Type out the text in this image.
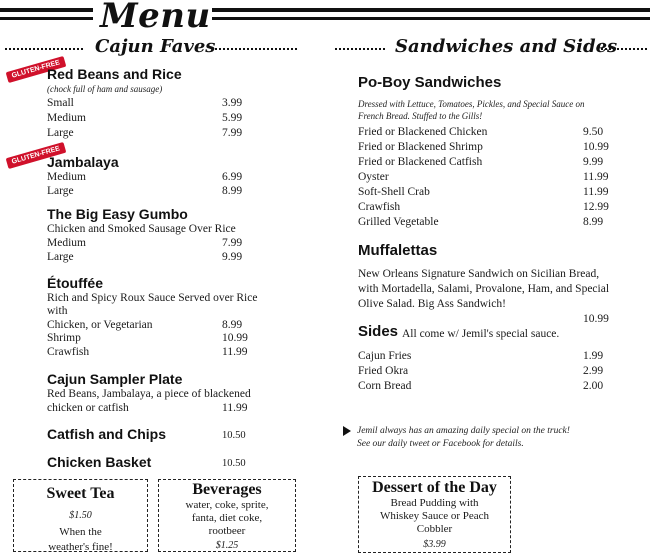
Menu
Cajun Faves	Sandwiches and Sides
GLUTEN-FREE
Red Beans and Rice
(chock full of ham and sausage)
Small	3.99
Medium	5.99
Large	7.99
GLUTEN-FREE
Jambalaya
Medium	6.99
Large	8.99
The Big Easy Gumbo
Chicken and Smoked Sausage Over Rice
Medium	7.99
Large	9.99
Étouffée
Rich and Spicy Roux Sauce Served over Rice
with
Chicken, or Vegetarian	8.99
Shrimp	10.99
Crawfish	11.99
Cajun Sampler Plate
Red Beans, Jambalaya, a piece of blackened
chicken or catfish	11.99
Catfish and Chips	10.50
Chicken Basket	10.50
Po-Boy Sandwiches
Dressed with Lettuce, Tomatoes, Pickles, and Special Sauce on
French Bread. Stuffed to the Gills!
Fried or Blackened Chicken	9.50
Fried or Blackened Shrimp	10.99
Fried or Blackened Catfish	9.99
Oyster	11.99
Soft-Shell Crab	11.99
Crawfish	12.99
Grilled Vegetable	8.99
Muffalettas
New Orleans Signature Sandwich on Sicilian Bread,
with Mortadella, Salami, Provalone, Ham, and Special
Olive Salad. Big Ass Sandwich!
10.99
Sides All come w/ Jemil's special sauce.
Cajun Fries	1.99
Fried Okra	2.99
Corn Bread	2.00
Jemil always has an amazing daily special on the truck!
See our daily tweet or Facebook for details.
Sweet Tea
$1.50
When the
weather's fine!
Beverages
water, coke, sprite,
fanta, diet coke,
rootbeer
$1.25
Dessert of the Day
Bread Pudding with
Whiskey Sauce or Peach
Cobbler
$3.99
